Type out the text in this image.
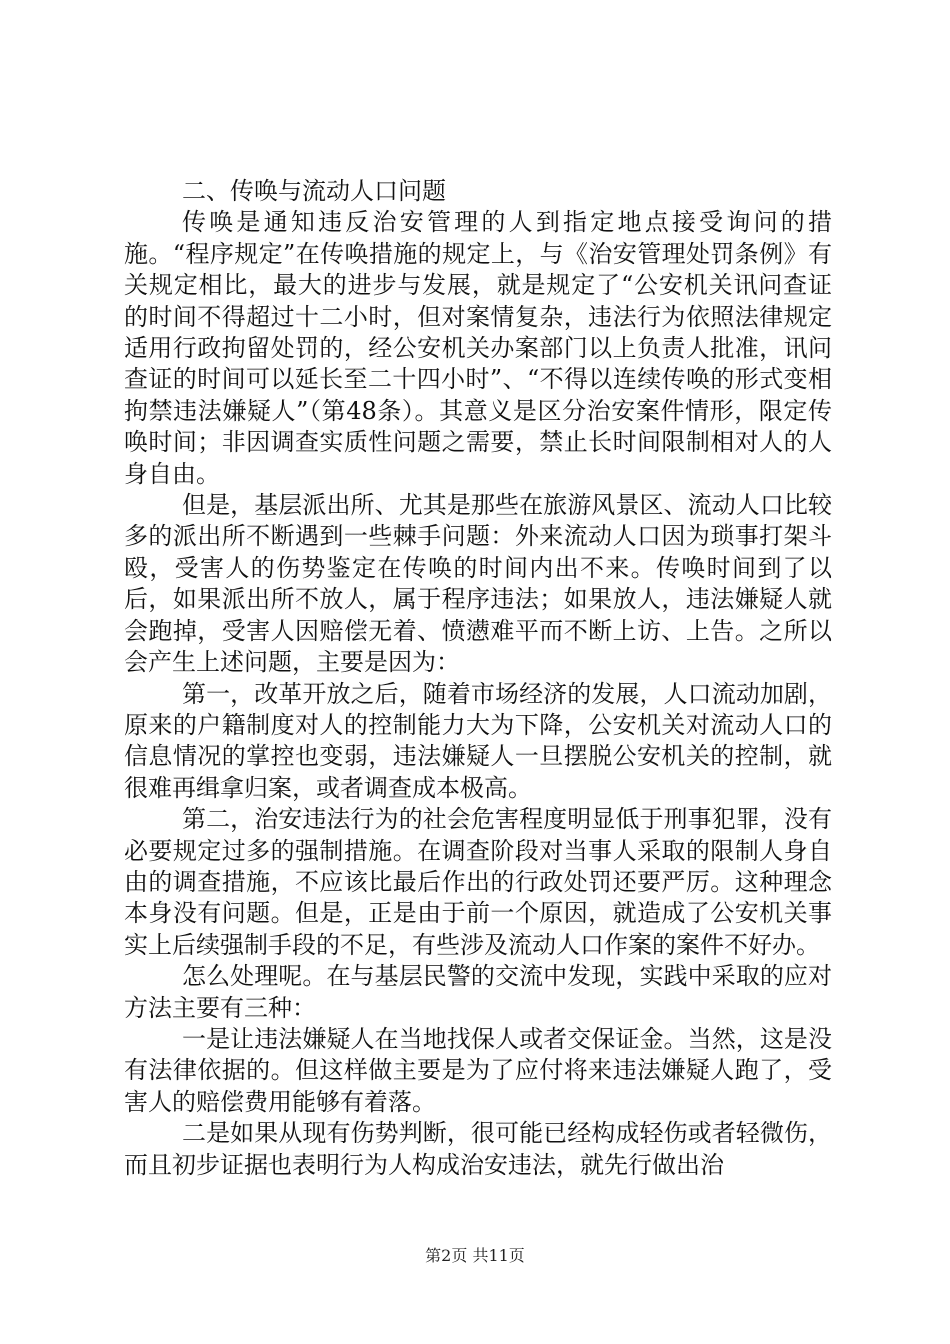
二、传唤与流动人口问题

传唤是通知违反治安管理的人到指定地点接受询问的措施。“程序规定”在传唤措施的规定上，与《治安管理处罚条例》有关规定相比，最大的进步与发展，就是规定了“公安机关讯问查证的时间不得超过十二小时，但对案情复杂，违法行为依照法律规定适用行政拘留处罚的，经公安机关办案部门以上负责人批准，讯问查证的时间可以延长至二十四小时”、“不得以连续传唤的形式变相拘禁违法嫌疑人”（第48条）。其意义是区分治安案件情形，限定传唤时间；非因调查实质性问题之需要，禁止长时间限制相对人的人身自由。

但是，基层派出所、尤其是那些在旅游风景区、流动人口比较多的派出所不断遇到一些棘手问题：外来流动人口因为琐事打架斗殴，受害人的伤势鉴定在传唤的时间内出不来。传唤时间到了以后，如果派出所不放人，属于程序违法；如果放人，违法嫌疑人就会跑掉，受害人因赔偿无着、愤懑难平而不断上访、上告。之所以会产生上述问题，主要是因为：

第一，改革开放之后，随着市场经济的发展，人口流动加剧，原来的户籍制度对人的控制能力大为下降，公安机关对流动人口的信息情况的掌控也变弱，违法嫌疑人一旦摆脱公安机关的控制，就很难再缉拿归案，或者调查成本极高。

第二，治安违法行为的社会危害程度明显低于刑事犯罪，没有必要规定过多的强制措施。在调查阶段对当事人采取的限制人身自由的调查措施，不应该比最后作出的行政处罚还要严厉。这种理念本身没有问题。但是，正是由于前一个原因，就造成了公安机关事实上后续强制手段的不足，有些涉及流动人口作案的案件不好办。

怎么处理呢。在与基层民警的交流中发现，实践中采取的应对方法主要有三种：

一是让违法嫌疑人在当地找保人或者交保证金。当然，这是没有法律依据的。但这样做主要是为了应付将来违法嫌疑人跑了，受害人的赔偿费用能够有着落。

二是如果从现有伤势判断，很可能已经构成轻伤或者轻微伤，而且初步证据也表明行为人构成治安违法，就先行做出治

第2页 共11页
